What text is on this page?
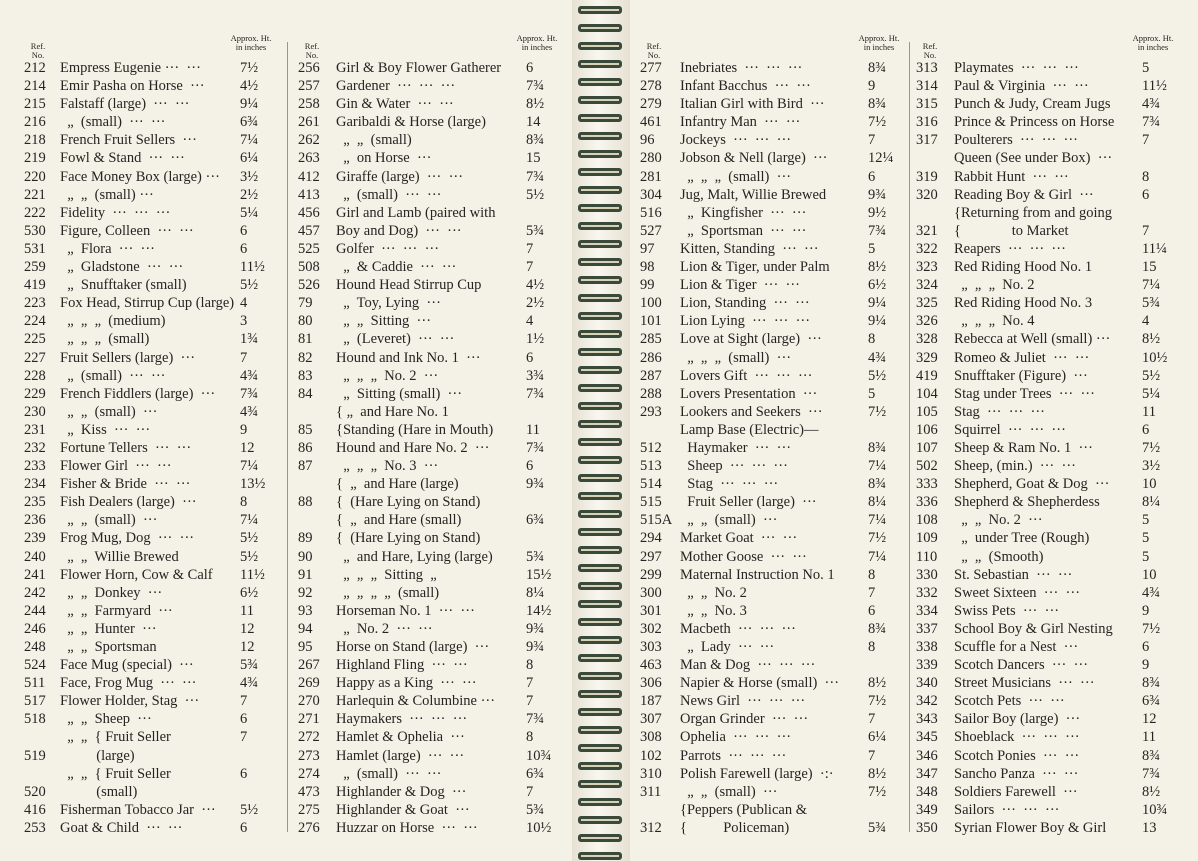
Ref. No.
Approx. Ht. in inches
212 Empress Eugenie ···  ···	7½
214 Emir Pasha on Horse  ···	4½
215 Falstaff (large)  ···  ···	9¼
216 „  (small)  ···  ···	6¾
218 French Fruit Sellers  ···	7¼
219 Fowl & Stand  ···  ···	6¼
220 Face Money Box (large) ···	3½
221 „  „  (small) ···	2½
222 Fidelity  ···  ···  ···	5¼
530 Figure, Colleen  ···  ···	6
531 „  Flora  ···  ···	6
259 „  Gladstone  ···  ···	11½
419 „  Snufftaker (small)	5½
223 Fox Head, Stirrup Cup (large) 4
224 „  „  „  (medium)	3
225 „  „  „  (small)	1¾
227 Fruit Sellers (large)  ···	7
228 „  (small)  ···  ···	4¾
229 French Fiddlers (large)  ···	7¾
230 „  „  (small)  ···	4¾
231 „  Kiss  ···  ···	9
232 Fortune Tellers  ···  ···	12
233 Flower Girl  ···  ···	7¼
234 Fisher & Bride  ···  ···	13½
235 Fish Dealers (large)  ···	8
236 „  „  (small)  ···	7¼
239 Frog Mug, Dog  ···  ···	5½
240 „  „  Willie Brewed	5½
241 Flower Horn, Cow & Calf	11½
242 „  „  Donkey  ···	6½
244 „  „  Farmyard  ···	11
246 „  „  Hunter  ···	12
248 „  „  Sportsman	12
524 Face Mug (special)  ···	5¾
511	Face, Frog Mug  ···  ···	4¾
517 Flower Holder, Stag  ···	7
518 „  „  Sheep  ···	6
„  „  { Fruit Seller	7
519 (large)
„  „  { Fruit Seller	6
520 (small)
416 Fisherman Tobacco Jar  ···	5½
253 Goat & Child  ···  ···	6
Ref. No.
Approx. Ht. in inches
256	Girl & Boy Flower Gatherer	6
257	Gardener  ···  ···  ···	7¾
258	Gin & Water  ···  ···	8½
261	Garibaldi & Horse (large)	14
262	„  „  (small)	8¾
263	„  on Horse  ···	15
412	Giraffe (large)  ···  ···	7¾
413	„  (small)  ···  ···	5½
456	Girl and Lamb (paired with
457	Boy and Dog)  ···  ···	5¾
525	Golfer  ···  ···  ···	7
508	„  & Caddie  ···  ···	7
526	Hound Head Stirrup Cup	4½
79	„  Toy, Lying  ···	2½
80	„  „  Sitting  ···	4
81	„  (Leveret)  ···  ···	1½
82	Hound and Ink No. 1  ···	6
83	„  „  „  No. 2  ···	3¾
84	„  Sitting (small)  ···	7¾
{ „  and Hare No. 1
85	{Standing (Hare in Mouth)	11
86	Hound and Hare No. 2  ···	7¾
87	„  „  „  No. 3  ···	6
{  „  and Hare (large)	9¾
88	{  (Hare Lying on Stand)
{  „  and Hare (small)	6¾
89	{  (Hare Lying on Stand)
90	„  and Hare, Lying (large)	5¾
91	„  „  „  Sitting  „	15½
92	„  „  „  „  (small)	8¼
93	Horseman No. 1  ···  ···	14½
94	„  No. 2  ···  ···	9¾
95	Horse on Stand (large)  ···	9¾
267	Highland Fling  ···  ···	8
269	Happy as a King  ···  ···	7
270	Harlequin & Columbine ···	7
271	Haymakers  ···  ···  ···	7¾
272	Hamlet & Ophelia  ···	8
273	Hamlet (large)  ···  ···	10¾
274	„  (small)  ···  ···	6¾
473	Highlander & Dog  ···	7
275	Highlander & Goat  ···	5¾
276	Huzzar on Horse  ···  ···	10½
Ref. No.
Approx. Ht. in inches
277	Inebriates  ···  ···  ···	8¾
278	Infant Bacchus  ···  ···	9
279	Italian Girl with Bird  ···	8¾
461	Infantry Man  ···  ···	7½
96	Jockeys  ···  ···  ···	7
280	Jobson & Nell (large)  ···	12¼
281	„  „  „  (small)  ···	6
304	Jug, Malt, Willie Brewed	9¾
516	„  Kingfisher  ···  ···	9½
527	„  Sportsman  ···  ···	7¾
97	Kitten, Standing  ···  ···	5
98	Lion & Tiger, under Palm	8½
99	Lion & Tiger  ···  ···	6½
100	Lion, Standing  ···  ···	9¼
101	Lion Lying  ···  ···  ···	9¼
285	Love at Sight (large)  ···	8
286	„  „  „  (small)  ···	4¾
287	Lovers Gift  ···  ···  ···	5½
288	Lovers Presentation  ···	5
293	Lookers and Seekers  ···	7½
Lamp Base (Electric)—
512	Haymaker  ···  ···	8¾
513	Sheep  ···  ···  ···	7¼
514	Stag  ···  ···  ···	8¾
515	Fruit Seller (large)  ···	8¼
515A „  „  (small)  ···	7¼
294	Market Goat  ···  ···	7½
297	Mother Goose  ···  ···	7¼
299	Maternal Instruction No. 1	8
300	„  „  No. 2	7
301	„  „  No. 3	6
302	Macbeth  ···  ···  ···	8¾
303	„  Lady  ···  ···	8
463	Man & Dog  ···  ···  ···
306	Napier & Horse (small)  ···	8½
187	News Girl  ···  ···  ···	7½
307	Organ Grinder  ···  ···	7
308	Ophelia  ···  ···  ···	6¼
102	Parrots  ···  ···  ···	7
310	Polish Farewell (large)  ·:·	8½
311	„  „  (small)  ···	7½
{Peppers (Publican &
312	{          Policeman)	5¾
Ref. No.
Approx. Ht. in inches
313	Playmates  ···  ···  ···	5
314	Paul & Virginia  ···  ···	11½
315	Punch & Judy, Cream Jugs	4¾
316	Prince & Princess on Horse	7¾
317	Poulterers  ···  ···  ···	7
Queen (See under Box)  ···
319	Rabbit Hunt  ···  ···	8
320	Reading Boy & Girl  ···	6
{Returning from and going
321	{              to Market	7
322	Reapers  ···  ···  ···	11¼
323	Red Riding Hood No. 1	15
324	„  „  „  No. 2	7¼
325	Red Riding Hood No. 3	5¾
326	„  „  „  No. 4	4
328	Rebecca at Well (small) ···	8½
329	Romeo & Juliet  ···  ···	10½
419	Snufftaker (Figure)  ···	5½
104	Stag under Trees  ···  ···	5¼
105	Stag  ···  ···  ···	11
106	Squirrel  ···  ···  ···	6
107	Sheep & Ram No. 1  ···	7½
502	Sheep, (min.)  ···  ···	3½
333	Shepherd, Goat & Dog  ···	10
336	Shepherd & Shepherdess	8¼
108	„  „  No. 2  ···	5
109	„  under Tree (Rough)	5
110	„  „  (Smooth)	5
330	St. Sebastian  ···  ···	10
332	Sweet Sixteen  ···  ···	4¾
334	Swiss Pets  ···  ···	9
337	School Boy & Girl Nesting	7½
338	Scuffle for a Nest  ···	6
339	Scotch Dancers  ···  ···	9
340	Street Musicians  ···  ···	8¾
342	Scotch Pets  ···  ···	6¾
343	Sailor Boy (large)  ···	12
345	Shoeblack  ···  ···  ···	11
346	Scotch Ponies  ···  ···	8¾
347	Sancho Panza  ···  ···	7¾
348	Soldiers Farewell  ···	8½
349	Sailors  ···  ···  ···	10¾
350	Syrian Flower Boy & Girl	13
